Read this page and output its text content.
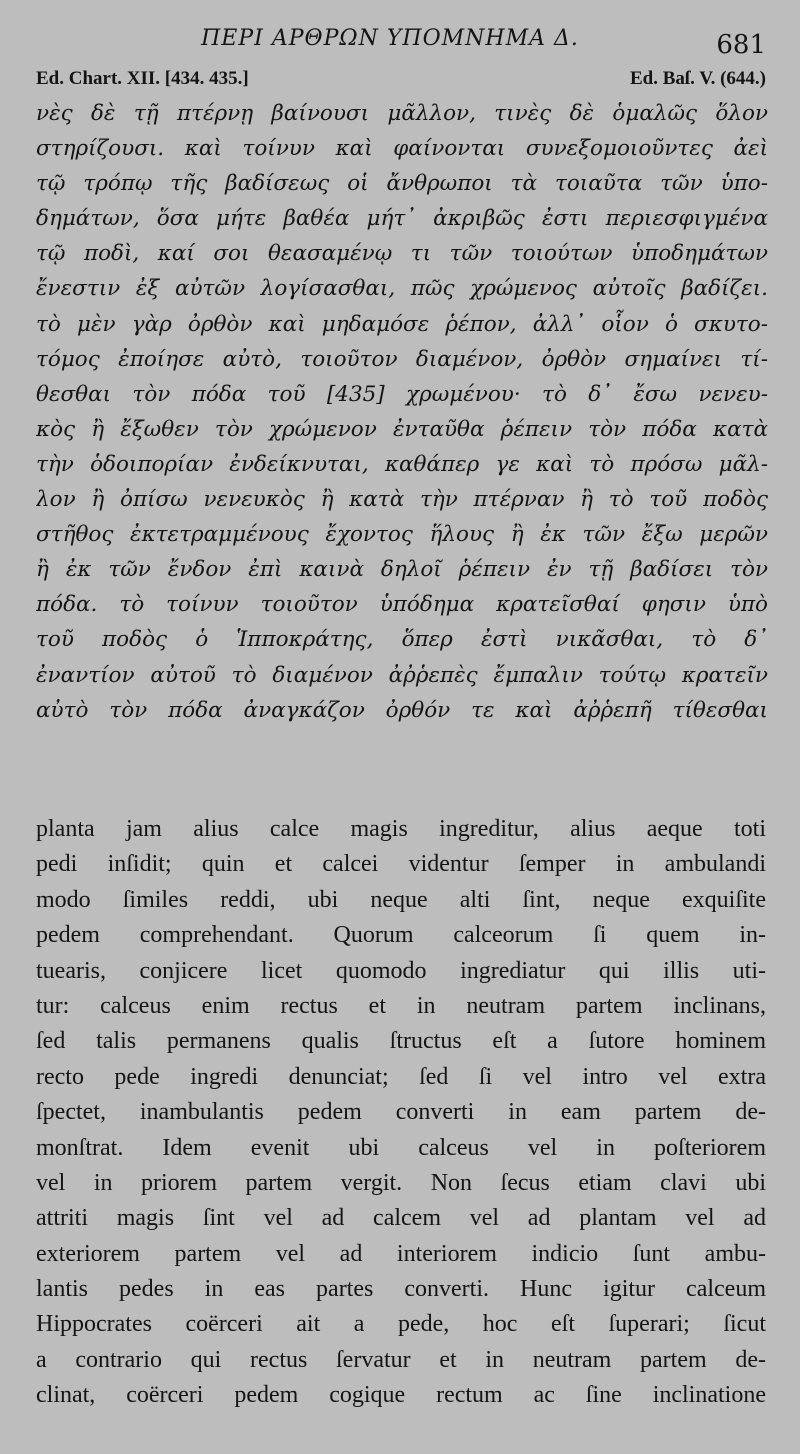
ΠΕΡΙ ΑΡΘΡΩΝ ΥΠΟΜΝΗΜΑ Δ.	681
Ed. Chart. XII. [434. 435.]	Ed. Baſ. V. (644.)
νὲς δὲ τῇ πτέρνῃ βαίνουσι μᾶλλον, τινὲς δὲ ὁμαλῶς ὅλον
στηρίζουσι. καὶ τοίνυν καὶ φαίνονται συνεξομοιοῦντες ἀεὶ
τῷ τρόπῳ τῆς βαδίσεως οἱ ἄνθρωποι τὰ τοιαῦτα τῶν ὑπο-
δημάτων, ὅσα μήτε βαθέα μήτ᾽ ἀκριβῶς ἐστι περιεσφιγμένα
τῷ ποδὶ, καί σοι θεασαμένῳ τι τῶν τοιούτων ὑποδημάτων
ἔνεστιν ἐξ αὐτῶν λογίσασθαι, πῶς χρώμενος αὐτοῖς βαδίζει.
τὸ μὲν γὰρ ὀρθὸν καὶ μηδαμόσε ῥέπον, ἀλλ᾽ οἷον ὁ σκυτο-
τόμος ἐποίησε αὐτὸ, τοιοῦτον διαμένον, ὀρθὸν σημαίνει τί-
θεσθαι τὸν πόδα τοῦ [435] χρωμένου· τὸ δ᾽ ἔσω νενευ-
κὸς ἢ ἔξωθεν τὸν χρώμενον ἐνταῦθα ῥέπειν τὸν πόδα κατὰ
τὴν ὁδοιπορίαν ἐνδείκνυται, καθάπερ γε καὶ τὸ πρόσω μᾶλ-
λον ἢ ὀπίσω νενευκὸς ἢ κατὰ τὴν πτέρναν ἢ τὸ τοῦ ποδὸς
στῆθος ἐκτετραμμένους ἔχοντος ἥλους ἢ ἐκ τῶν ἔξω μερῶν
ἢ ἐκ τῶν ἔνδον ἐπὶ καινὰ δηλοῖ ῥέπειν ἐν τῇ βαδίσει τὸν
πόδα. τὸ τοίνυν τοιοῦτον ὑπόδημα κρατεῖσθαί φησιν ὑπὸ
τοῦ ποδὸς ὁ Ἱπποκράτης, ὅπερ ἐστὶ νικᾶσθαι, τὸ δ᾽
ἐναντίον αὐτοῦ τὸ διαμένον ἀῤῥεπὲς ἔμπαλιν τούτῳ κρατεῖν
αὐτὸ τὸν πόδα ἀναγκάζον ὀρθόν τε καὶ ἀῤῥεπῆ τίθεσθαι
planta jam alius calce magis ingreditur, alius aeque toti
pedi inſidit; quin et calcei videntur ſemper in ambulandi
modo ſimiles reddi, ubi neque alti ſint, neque exquiſite
pedem comprehendant. Quorum calceorum ſi quem in-
tuearis, conjicere licet quomodo ingrediatur qui illis uti-
tur: calceus enim rectus et in neutram partem inclinans,
ſed talis permanens qualis ſtructus eſt a ſutore hominem
recto pede ingredi denunciat; ſed ſi vel intro vel extra
ſpectet, inambulantis pedem converti in eam partem de-
monſtrat. Idem evenit ubi calceus vel in poſteriorem
vel in priorem partem vergit. Non ſecus etiam clavi ubi
attriti magis ſint vel ad calcem vel ad plantam vel ad
exteriorem partem vel ad interiorem indicio ſunt ambu-
lantis pedes in eas partes converti. Hunc igitur calceum
Hippocrates coërceri ait a pede, hoc eſt ſuperari; ſicut
a contrario qui rectus ſervatur et in neutram partem de-
clinat, coërceri pedem cogique rectum ac ſine inclinatione
